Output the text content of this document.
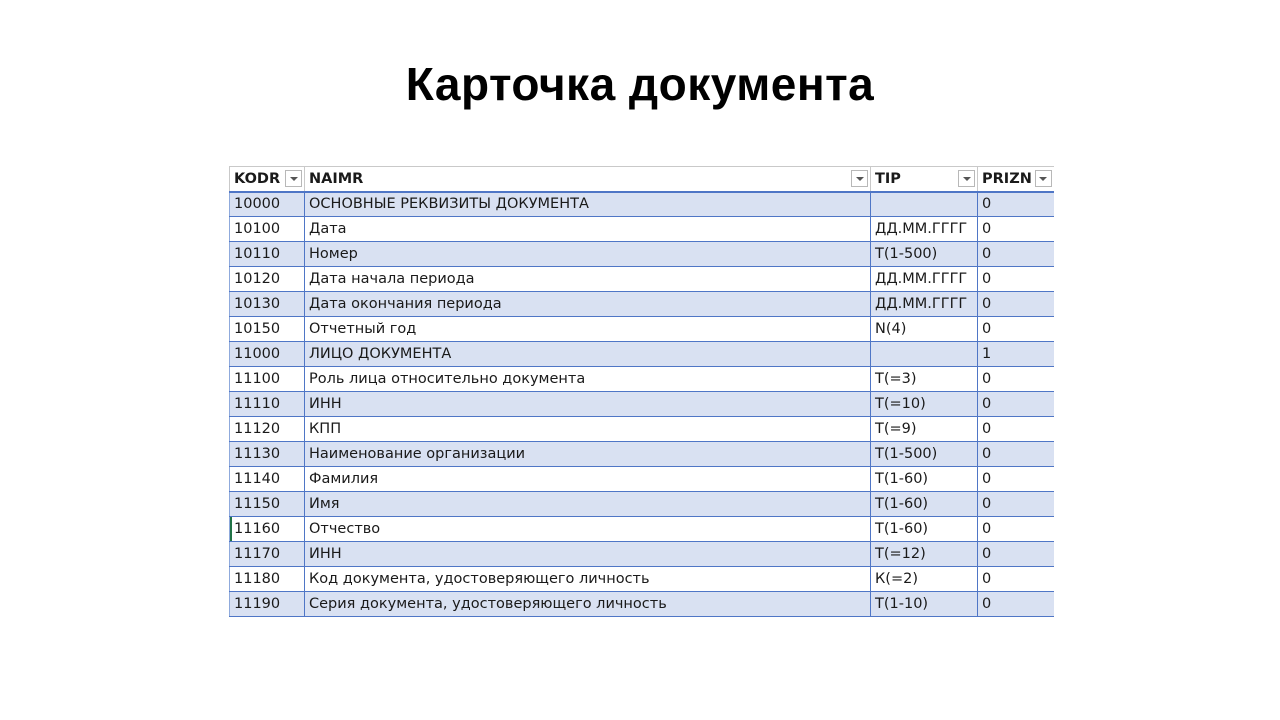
Карточка документа
KODR	NAIMR	TIP	PRIZN

10000	ОСНОВНЫЕ РЕКВИЗИТЫ ДОКУМЕНТА		0
10100	Дата	ДД.ММ.ГГГГ	0
10110	Номер	Т(1-500)	0
10120	Дата начала периода	ДД.ММ.ГГГГ	0
10130	Дата окончания периода	ДД.ММ.ГГГГ	0
10150	Отчетный год	N(4)	0
11000	ЛИЦО ДОКУМЕНТА		1
11100	Роль лица относительно документа	Т(=3)	0
11110	ИНН	Т(=10)	0
11120	КПП	Т(=9)	0
11130	Наименование организации	Т(1-500)	0
11140	Фамилия	Т(1-60)	0
11150	Имя	Т(1-60)	0
11160	Отчество	Т(1-60)	0
11170	ИНН	Т(=12)	0
11180	Код документа, удостоверяющего личность	К(=2)	0
11190	Серия документа, удостоверяющего личность	Т(1-10)	0
